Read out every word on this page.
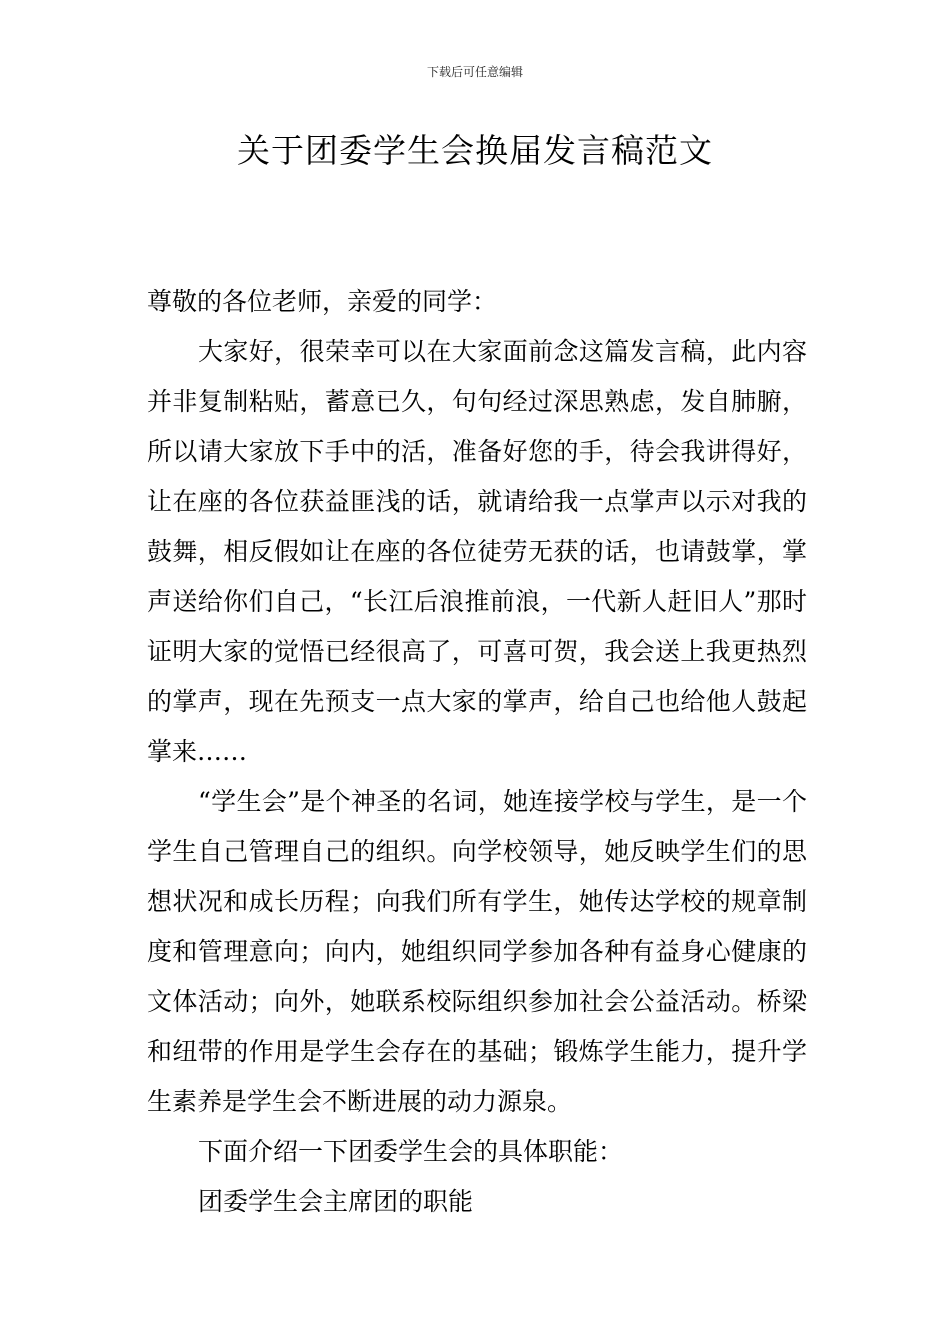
下载后可任意编辑
关于团委学生会换届发言稿范文

尊敬的各位老师，亲爱的同学：

大家好，很荣幸可以在大家面前念这篇发言稿，此内容并非复制粘贴，蓄意已久，句句经过深思熟虑，发自肺腑，所以请大家放下手中的活，准备好您的手，待会我讲得好，让在座的各位获益匪浅的话，就请给我一点掌声以示对我的鼓舞，相反假如让在座的各位徒劳无获的话，也请鼓掌，掌声送给你们自己，“长江后浪推前浪，一代新人赶旧人”那时证明大家的觉悟已经很高了，可喜可贺，我会送上我更热烈的掌声，现在先预支一点大家的掌声，给自己也给他人鼓起掌来……

“学生会”是个神圣的名词，她连接学校与学生，是一个学生自己管理自己的组织。向学校领导，她反映学生们的思想状况和成长历程；向我们所有学生，她传达学校的规章制度和管理意向；向内，她组织同学参加各种有益身心健康的文体活动；向外，她联系校际组织参加社会公益活动。桥梁和纽带的作用是学生会存在的基础；锻炼学生能力，提升学生素养是学生会不断进展的动力源泉。

下面介绍一下团委学生会的具体职能：

团委学生会主席团的职能
